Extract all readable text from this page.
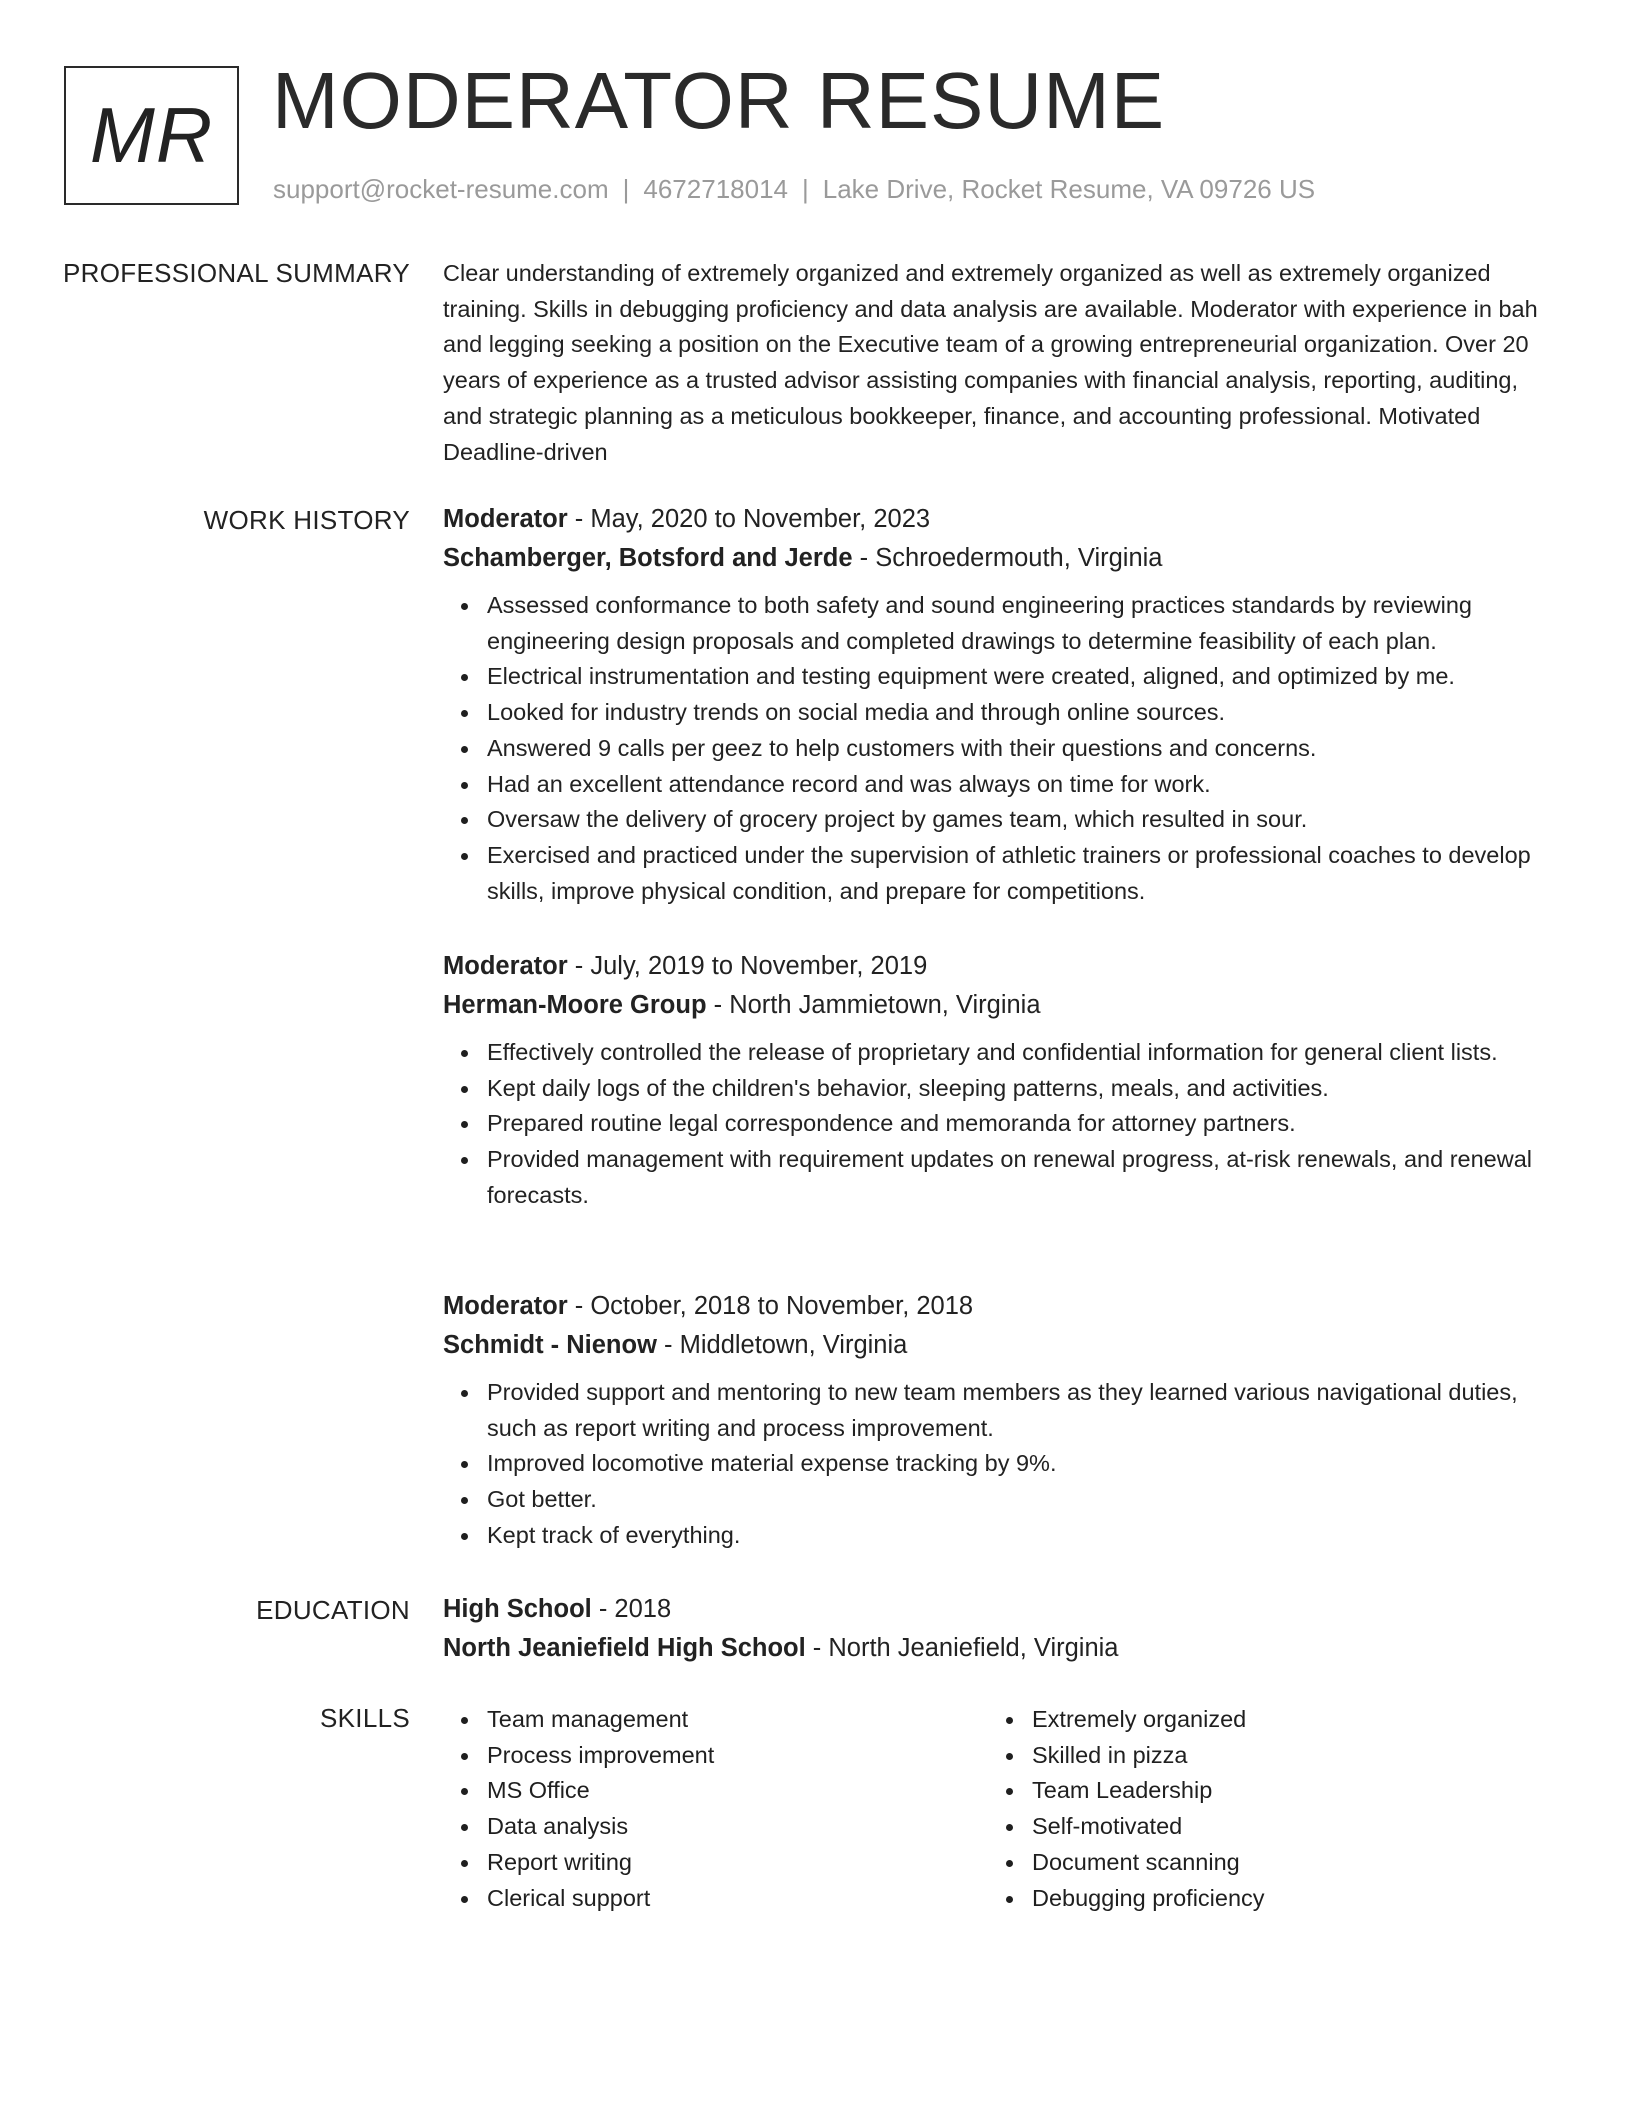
MR MODERATOR RESUME
support@rocket-resume.com | 4672718014 | Lake Drive, Rocket Resume, VA 09726 US
PROFESSIONAL SUMMARY Clear understanding of extremely organized and extremely organized as well as extremely organized training. Skills in debugging proficiency and data analysis are available. Moderator with experience in bah and legging seeking a position on the Executive team of a growing entrepreneurial organization. Over 20 years of experience as a trusted advisor assisting companies with financial analysis, reporting, auditing, and strategic planning as a meticulous bookkeeper, finance, and accounting professional. Motivated Deadline-driven
WORK HISTORY Moderator - May, 2020 to November, 2023
Schamberger, Botsford and Jerde - Schroedermouth, Virginia
Assessed conformance to both safety and sound engineering practices standards by reviewing engineering design proposals and completed drawings to determine feasibility of each plan.
Electrical instrumentation and testing equipment were created, aligned, and optimized by me.
Looked for industry trends on social media and through online sources.
Answered 9 calls per geez to help customers with their questions and concerns.
Had an excellent attendance record and was always on time for work.
Oversaw the delivery of grocery project by games team, which resulted in sour.
Exercised and practiced under the supervision of athletic trainers or professional coaches to develop skills, improve physical condition, and prepare for competitions.
Moderator - July, 2019 to November, 2019
Herman-Moore Group - North Jammietown, Virginia
Effectively controlled the release of proprietary and confidential information for general client lists.
Kept daily logs of the children's behavior, sleeping patterns, meals, and activities.
Prepared routine legal correspondence and memoranda for attorney partners.
Provided management with requirement updates on renewal progress, at-risk renewals, and renewal forecasts.
Moderator - October, 2018 to November, 2018
Schmidt - Nienow - Middletown, Virginia
Provided support and mentoring to new team members as they learned various navigational duties, such as report writing and process improvement.
Improved locomotive material expense tracking by 9%.
Got better.
Kept track of everything.
EDUCATION High School - 2018
North Jeaniefield High School - North Jeaniefield, Virginia
SKILLS	Team management
Process improvement
MS Office
Data analysis
Report writing
Clerical support
Extremely organized
Skilled in pizza
Team Leadership
Self-motivated
Document scanning
Debugging proficiency
